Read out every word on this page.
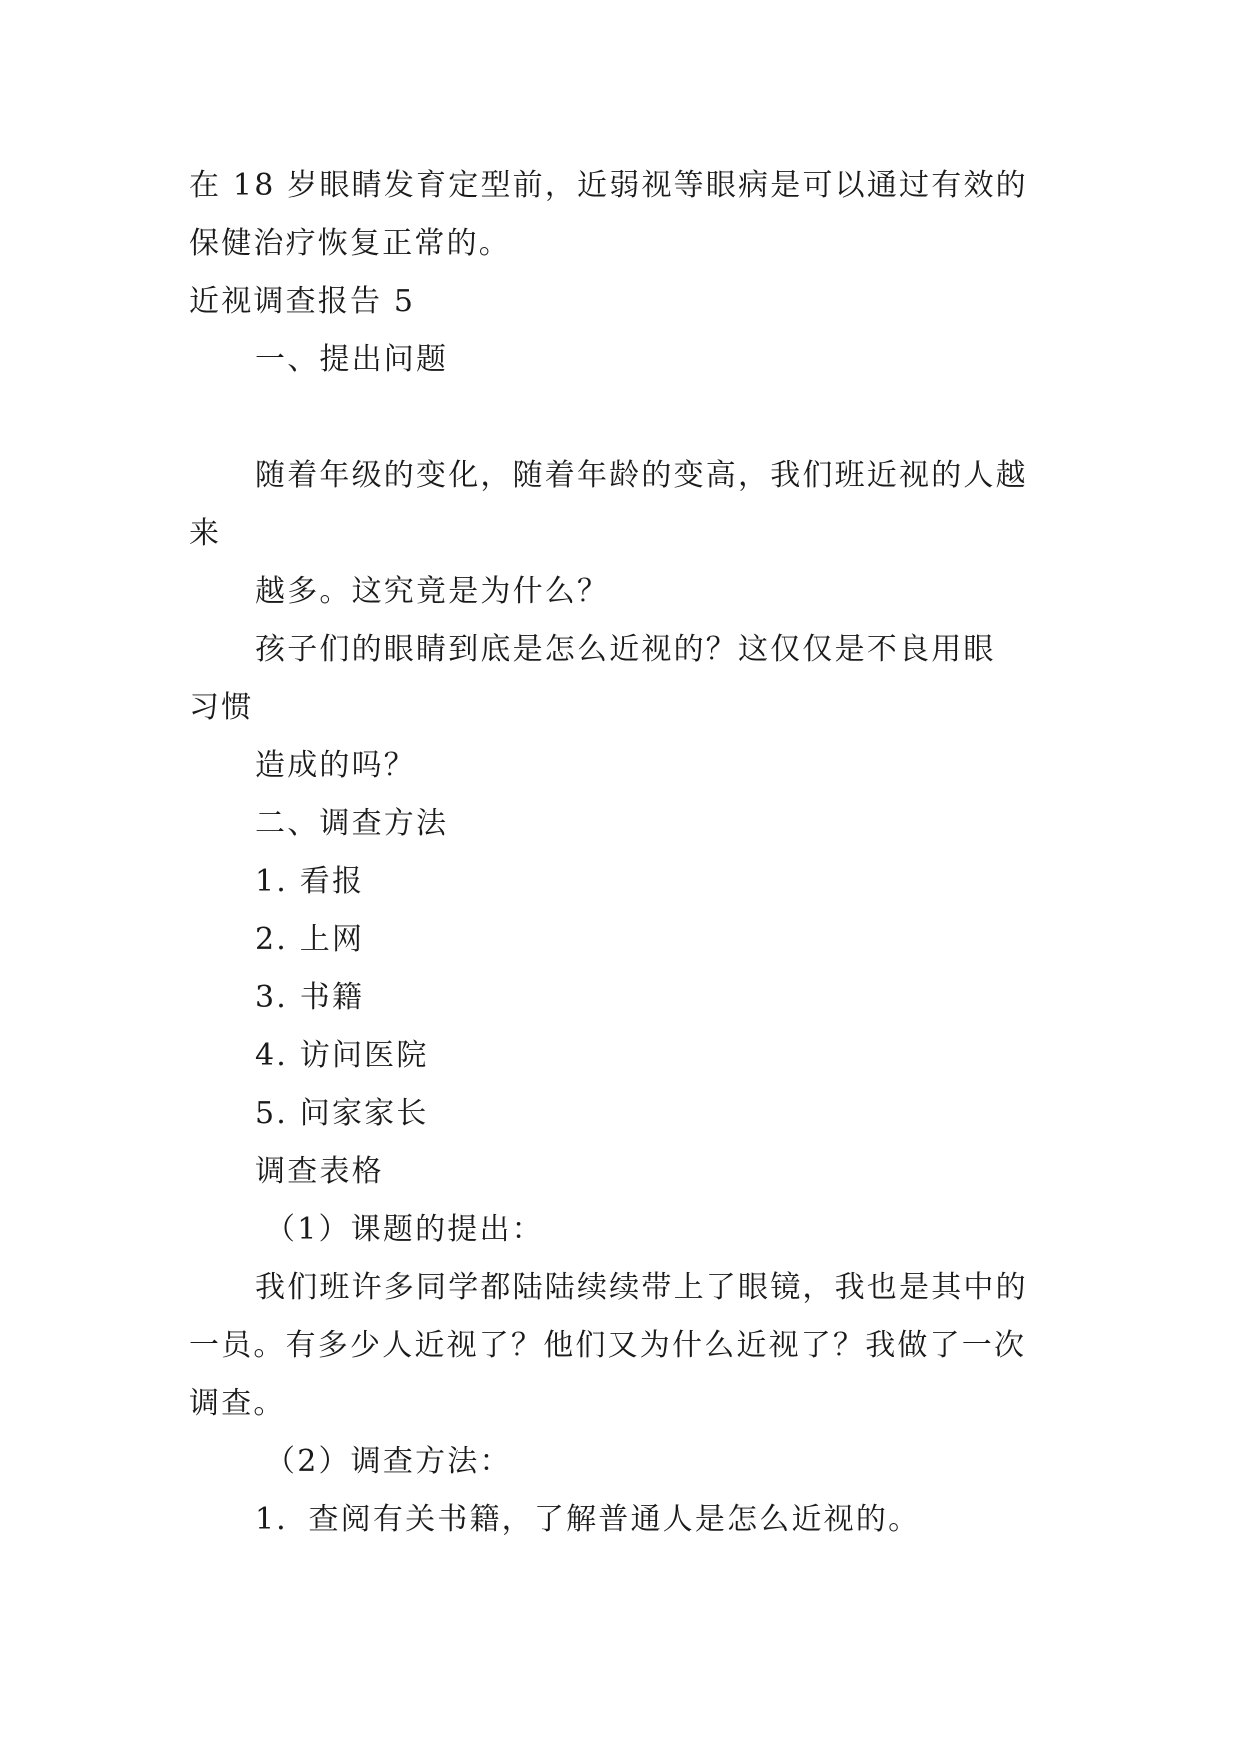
在 18 岁眼睛发育定型前，近弱视等眼病是可以通过有效的
保健治疗恢复正常的。
近视调查报告 5
一、提出问题
随着年级的变化，随着年龄的变高，我们班近视的人越
来
越多。这究竟是为什么？
孩子们的眼睛到底是怎么近视的？这仅仅是不良用眼
习惯
造成的吗？
二、调查方法
1. 看报
2. 上网
3. 书籍
4. 访问医院
5. 问家家长
调查表格
（1）课题的提出：
我们班许多同学都陆陆续续带上了眼镜，我也是其中的
一员。有多少人近视了？他们又为什么近视了？我做了一次
调查。
（2）调查方法：
1．查阅有关书籍，了解普通人是怎么近视的。
